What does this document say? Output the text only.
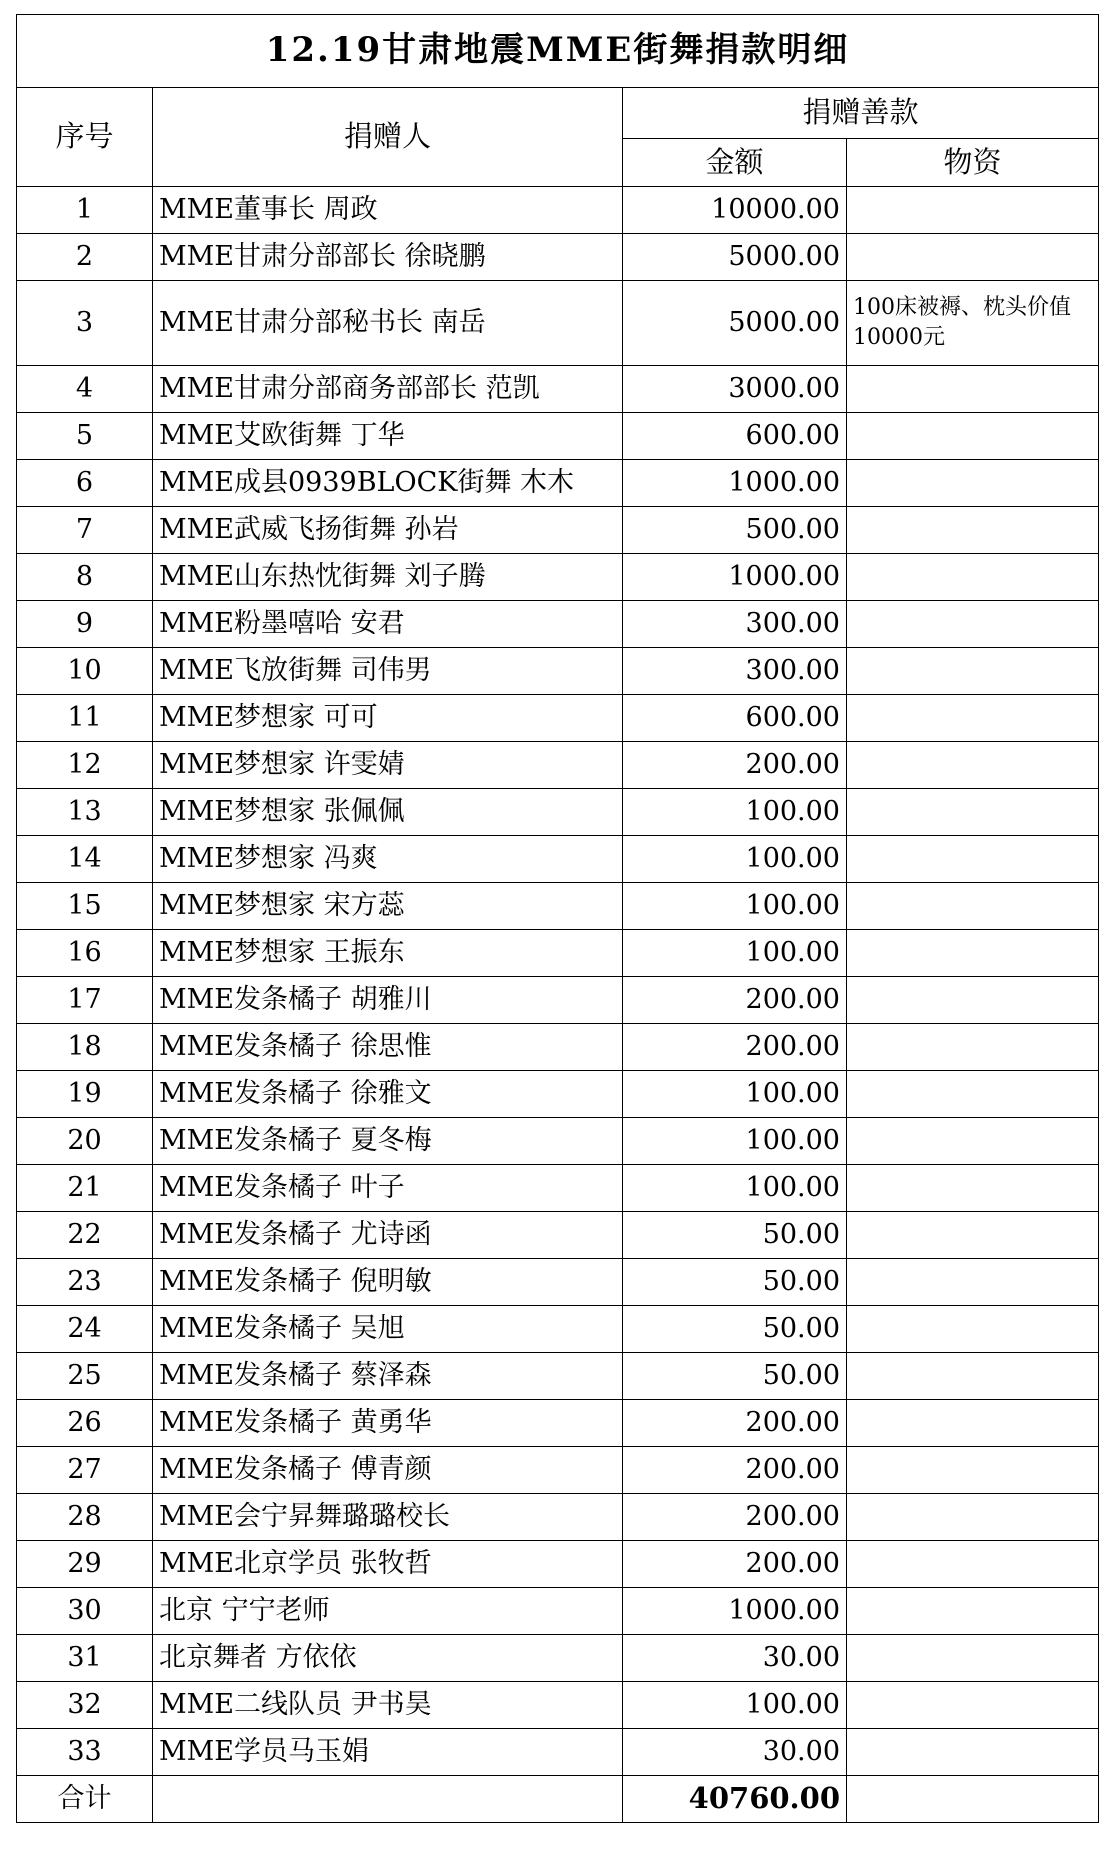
12.19甘肃地震MME街舞捐款明细			
序号	捐赠人	捐赠善款	
		金额	物资
1	MME董事长 周政	10000.00	
2	MME甘肃分部部长 徐晓鹏	5000.00	
3	MME甘肃分部秘书长 南岳	5000.00	100床被褥、枕头价值10000元
4	MME甘肃分部商务部部长 范凯	3000.00	
5	MME艾欧街舞 丁华	600.00	
6	MME成县0939BLOCK街舞 木木	1000.00	
7	MME武威飞扬街舞 孙岩	500.00	
8	MME山东热忱街舞 刘子腾	1000.00	
9	MME粉墨嘻哈 安君	300.00	
10	MME飞放街舞 司伟男	300.00	
11	MME梦想家 可可	600.00	
12	MME梦想家 许雯婧	200.00	
13	MME梦想家 张佩佩	100.00	
14	MME梦想家 冯爽	100.00	
15	MME梦想家 宋方蕊	100.00	
16	MME梦想家 王振东	100.00	
17	MME发条橘子 胡雅川	200.00	
18	MME发条橘子 徐思惟	200.00	
19	MME发条橘子 徐雅文	100.00	
20	MME发条橘子 夏冬梅	100.00	
21	MME发条橘子 叶子	100.00	
22	MME发条橘子 尤诗函	50.00	
23	MME发条橘子 倪明敏	50.00	
24	MME发条橘子 吴旭	50.00	
25	MME发条橘子 蔡泽森	50.00	
26	MME发条橘子 黄勇华	200.00	
27	MME发条橘子 傅青颜	200.00	
28	MME会宁昇舞璐璐校长	200.00	
29	MME北京学员 张牧哲	200.00	
30	北京 宁宁老师	1000.00	
31	北京舞者 方依依	30.00	
32	MME二线队员 尹书昊	100.00	
33	MME学员马玉娟	30.00	
合计		40760.00	
